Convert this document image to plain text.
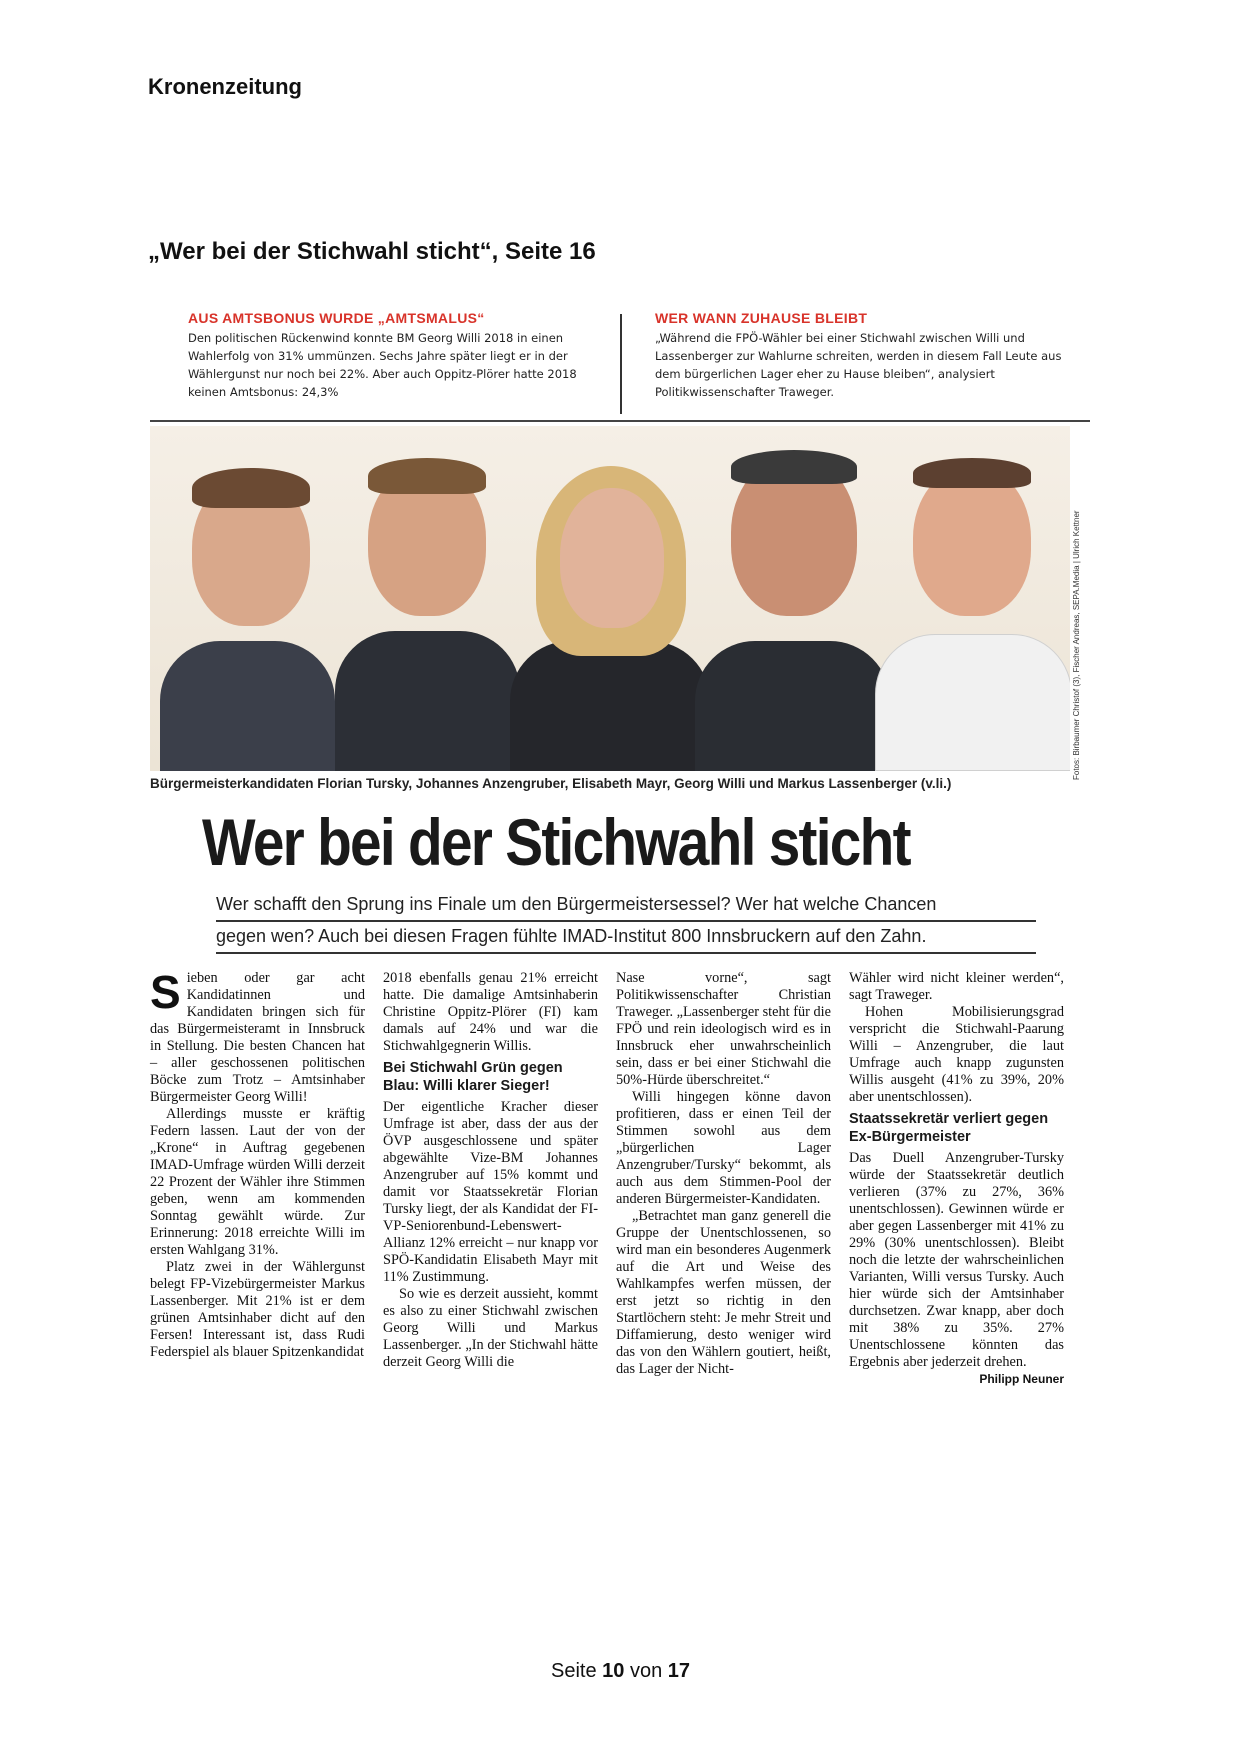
Kronenzeitung
„Wer bei der Stichwahl sticht“, Seite 16
AUS AMTSBONUS WURDE „AMTSMALUS“
Den politischen Rückenwind konnte BM Georg Willi 2018 in einen Wahlerfolg von 31% ummünzen. Sechs Jahre später liegt er in der Wählergunst nur noch bei 22%. Aber auch Oppitz-Plörer hatte 2018 keinen Amtsbonus: 24,3%
WER WANN ZUHAUSE BLEIBT
„Während die FPÖ-Wähler bei einer Stichwahl zwischen Willi und Lassenberger zur Wahlurne schreiten, werden in diesem Fall Leute aus dem bürgerlichen Lager eher zu Hause bleiben“, analysiert Politikwissenschafter Traweger.
Bürgermeisterkandidaten Florian Tursky, Johannes Anzengruber, Elisabeth Mayr, Georg Willi und Markus Lassenberger (v.li.)
Wer bei der Stichwahl sticht
Wer schafft den Sprung ins Finale um den Bürgermeistersessel? Wer hat welche Chancen
gegen wen? Auch bei diesen Fragen fühlte IMAD-Institut 800 Innsbruckern auf den Zahn.

Sieben oder gar acht Kandidatinnen und Kandidaten bringen sich für das Bürgermeisteramt in Innsbruck in Stellung. Die besten Chancen hat – aller geschossenen politischen Böcke zum Trotz – Amtsinhaber Bürgermeister Georg Willi!

Allerdings musste er kräftig Federn lassen. Laut der von der „Krone“ in Auftrag gegebenen IMAD-Umfrage würden Willi derzeit 22 Prozent der Wähler ihre Stimmen geben, wenn am kommenden Sonntag gewählt würde. Zur Erinnerung: 2018 erreichte Willi im ersten Wahlgang 31%.

Platz zwei in der Wählergunst belegt FP-Vizebürgermeister Markus Lassenberger. Mit 21% ist er dem grünen Amtsinhaber dicht auf den Fersen! Interessant ist, dass Rudi Federspiel als blauer Spitzenkandidat

2018 ebenfalls genau 21% erreicht hatte. Die damalige Amtsinhaberin Christine Oppitz-Plörer (FI) kam damals auf 24% und war die Stichwahlgegnerin Willis.

Bei Stichwahl Grün gegen Blau: Willi klarer Sieger!

Der eigentliche Kracher dieser Umfrage ist aber, dass der aus der ÖVP ausgeschlossene und später abgewählte Vize-BM Johannes Anzengruber auf 15% kommt und damit vor Staatssekretär Florian Tursky liegt, der als Kandidat der FI-VP-Seniorenbund-Lebenswert-Allianz 12% erreicht – nur knapp vor SPÖ-Kandidatin Elisabeth Mayr mit 11% Zustimmung.

So wie es derzeit aussieht, kommt es also zu einer Stichwahl zwischen Georg Willi und Markus Lassenberger. „In der Stichwahl hätte derzeit Georg Willi die

Nase vorne“, sagt Politikwissenschafter Christian Traweger. „Lassenberger steht für die FPÖ und rein ideologisch wird es in Innsbruck eher unwahrscheinlich sein, dass er bei einer Stichwahl die 50%-Hürde überschreitet.“

Willi hingegen könne davon profitieren, dass er einen Teil der Stimmen sowohl aus dem „bürgerlichen Lager Anzengruber/Tursky“ bekommt, als auch aus dem Stimmen-Pool der anderen Bürgermeister-Kandidaten.

„Betrachtet man ganz generell die Gruppe der Unentschlossenen, so wird man ein besonderes Augenmerk auf die Art und Weise des Wahlkampfes werfen müssen, der erst jetzt so richtig in den Startlöchern steht: Je mehr Streit und Diffamierung, desto weniger wird das von den Wählern goutiert, heißt, das Lager der Nicht-

Wähler wird nicht kleiner werden“, sagt Traweger.

Hohen Mobilisierungsgrad verspricht die Stichwahl-Paarung Willi – Anzengruber, die laut Umfrage auch knapp zugunsten Willis ausgeht (41% zu 39%, 20% aber unentschlossen).

Staatssekretär verliert gegen Ex-Bürgermeister

Das Duell Anzengruber-Tursky würde der Staatssekretär deutlich verlieren (37% zu 27%, 36% unentschlossen). Gewinnen würde er aber gegen Lassenberger mit 41% zu 29% (30% unentschlossen). Bleibt noch die letzte der wahrscheinlichen Varianten, Willi versus Tursky. Auch hier würde sich der Amtsinhaber durchsetzen. Zwar knapp, aber doch mit 38% zu 35%. 27% Unentschlossene könnten das Ergebnis aber jederzeit drehen.

Philipp Neuner
Fotos: Birbaumer Christof (3), Fischer Andreas, SEPA.Media | Ulrich Kettner
Seite 10 von 17
